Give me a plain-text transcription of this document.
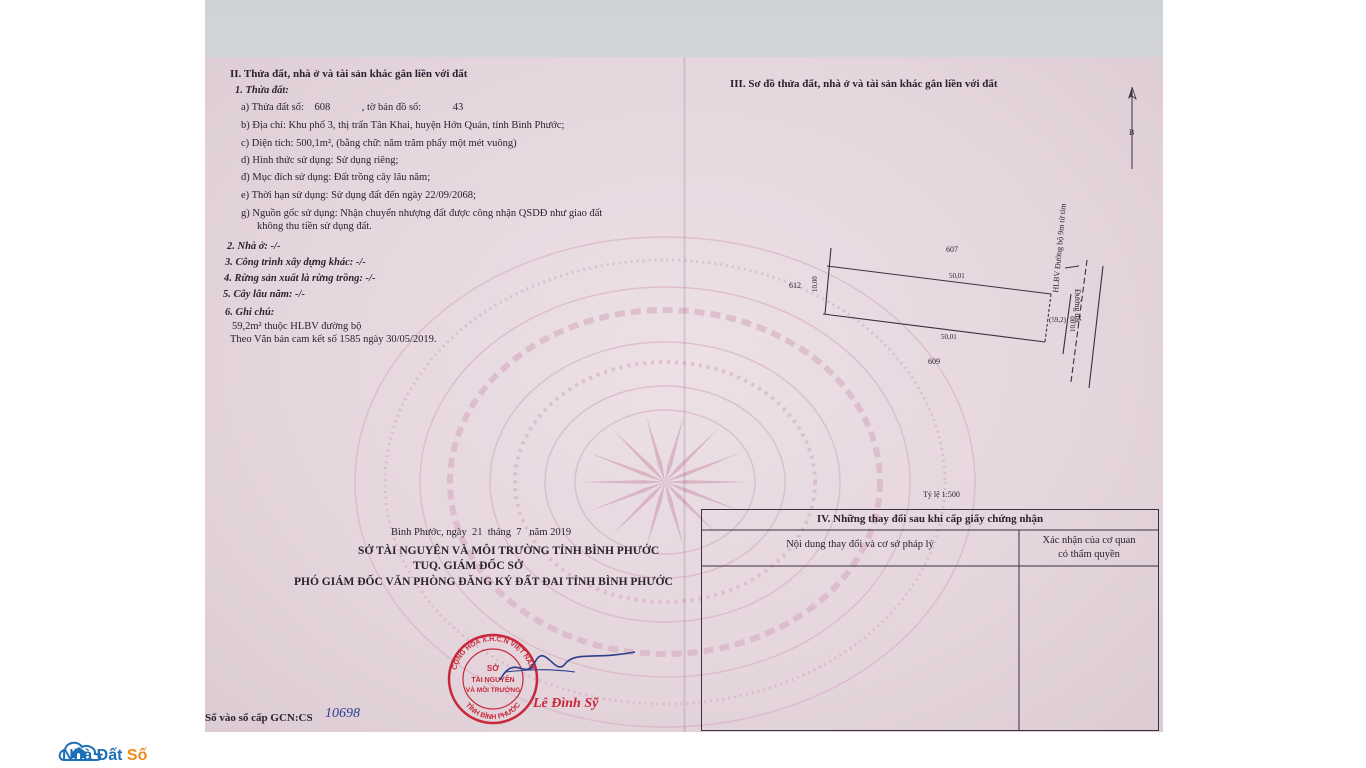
II. Thửa đất, nhà ở và tài sản khác gắn liền với đất
1. Thửa đất:
a) Thửa đất số:    608            , tờ bản đồ số:            43
b) Địa chỉ: Khu phố 3, thị trấn Tân Khai, huyện Hớn Quản, tỉnh Bình Phước;
c) Diện tích: 500,1m², (bằng chữ: năm trăm phẩy một mét vuông)
d) Hình thức sử dụng: Sử dụng riêng;
đ) Mục đích sử dụng: Đất trồng cây lâu năm;
e) Thời hạn sử dụng: Sử dụng đất đến ngày 22/09/2068;
g) Nguồn gốc sử dụng: Nhận chuyển nhượng đất được công nhận QSDĐ như giao đất
không thu tiền sử dụng đất.
2. Nhà ở: -/-
3. Công trình xây dựng khác: -/-
4. Rừng sản xuất là rừng trồng: -/-
5. Cây lâu năm: -/-
6. Ghi chú:
59,2m² thuộc HLBV đường bộ
Theo Văn bản cam kết số 1585 ngày 30/05/2019.
Bình Phước, ngày  21  tháng  7   năm 2019
SỞ TÀI NGUYÊN VÀ MÔI TRƯỜNG TỈNH BÌNH PHƯỚC
TUQ. GIÁM ĐỐC SỞ
PHÓ GIÁM ĐỐC VĂN PHÒNG ĐĂNG KÝ ĐẤT ĐAI TỈNH BÌNH PHƯỚC
CỘNG HÒA X.H.C.N VIỆT NAM
TỈNH BÌNH PHƯỚC
SỞ
TÀI NGUYÊN
VÀ MÔI TRƯỜNG
Lê Đình Sỹ
Số vào sổ cấp GCN:CS 10698
III. Sơ đồ thửa đất, nhà ở và tài sản khác gắn liền với đất
B
607
612
609
50,01
50,01
10,00
10,00
(59,2) Đường đất
HLBV Đường bộ 9m từ tim
Tỷ lệ 1:500
IV. Những thay đổi sau khi cấp giấy chứng nhận
Nội dung thay đổi và cơ sở pháp lý	Xác nhận của cơ quan
có thẩm quyền
Nhà Đất Số
